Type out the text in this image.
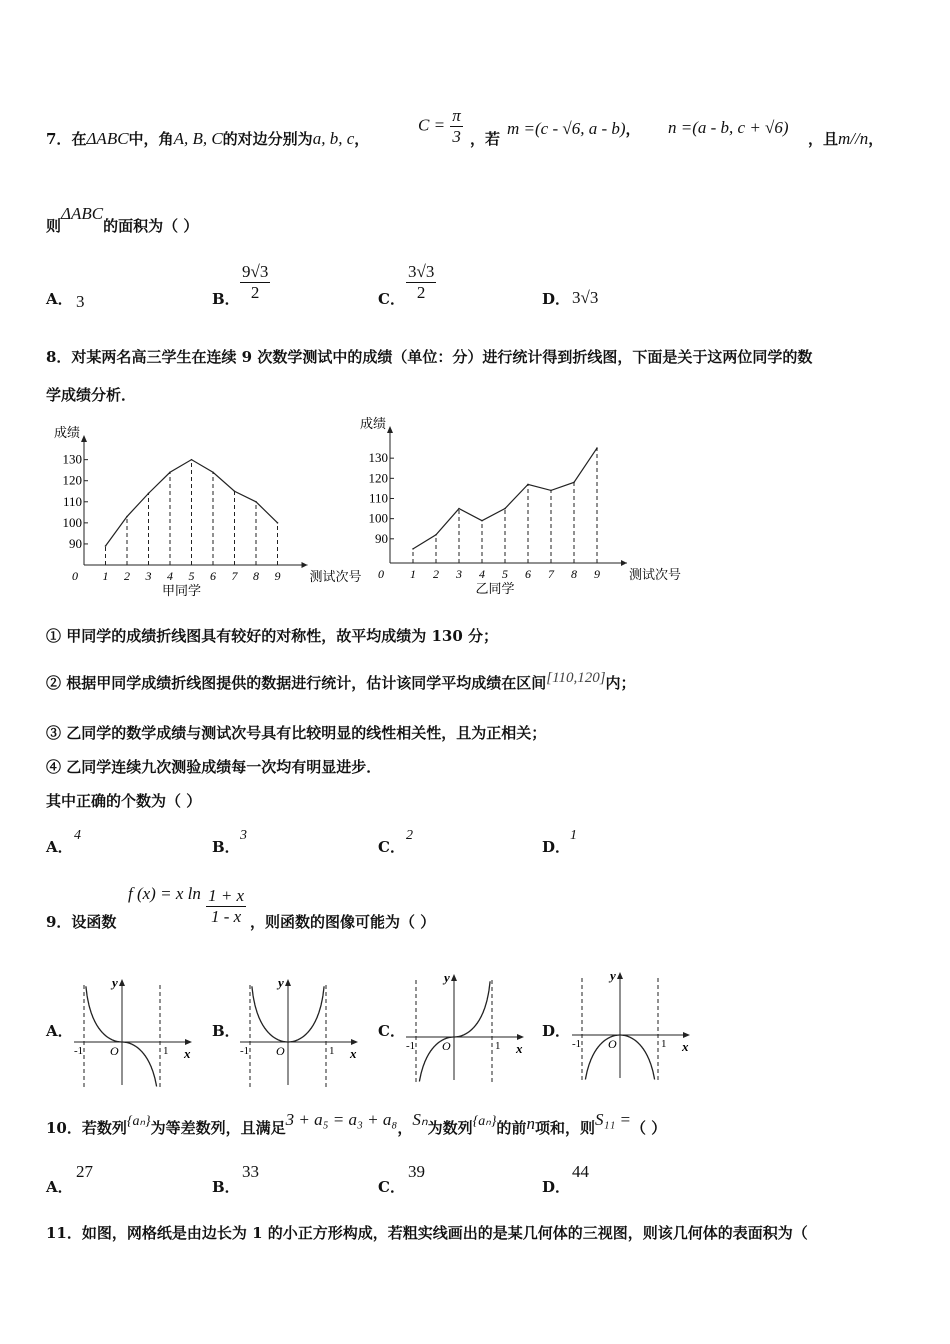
7．在ΔABC中，角A, B, C的对边分别为a, b, c，
$C = \frac{\pi}{3}$ ，若
m =(c - √6, a - b)， n =(a - b, c + √6)
，且m//n，
则ΔABC的面积为（ ）
A． 3	B． $\frac{9√3}{2}$	C． $\frac{3√3}{2}$	D． 3√3
8．对某两名高三学生在连续 9 次数学测试中的成绩（单位：分）进行统计得到折线图，下面是关于这两位同学的数
学成绩分析．
成绩
90
100
110
120
130
0 1 2 3 4 5 6 7 8 9 测试次号
甲同学
成绩
90
100
110
120
130
0 1 2 3 4 5 6 7 8 9 测试次号
乙同学
① 甲同学的成绩折线图具有较好的对称性，故平均成绩为 130 分；
② 根据甲同学成绩折线图提供的数据进行统计，估计该同学平均成绩在区间[110,120]内；
③ 乙同学的数学成绩与测试次号具有比较明显的线性相关性，且为正相关；
④ 乙同学连续九次测验成绩每一次均有明显进步．
其中正确的个数为（ ）
A．
4
B．
3
C．
2
D．
1
9．设函数
f (x) = x $\ln \frac{1 + x}{1 - x}$ ，则函数的图像可能为（ ）
A．	B．	C．	D．
y
x
O
-1	1
y
x
O
-1	1
y
x
O
-1	1
y
x
O
-1	1
10．若数列{aₙ}为等差数列，且满足3 + a₅ = a₃ + a₈，Sₙ为数列{aₙ}的前n项和，则S₁₁ =（ ）
A．
27
B．
33
C．
39
D．
44
11．如图，网格纸是由边长为 1 的小正方形构成，若粗实线画出的是某几何体的三视图，则该几何体的表面积为（
